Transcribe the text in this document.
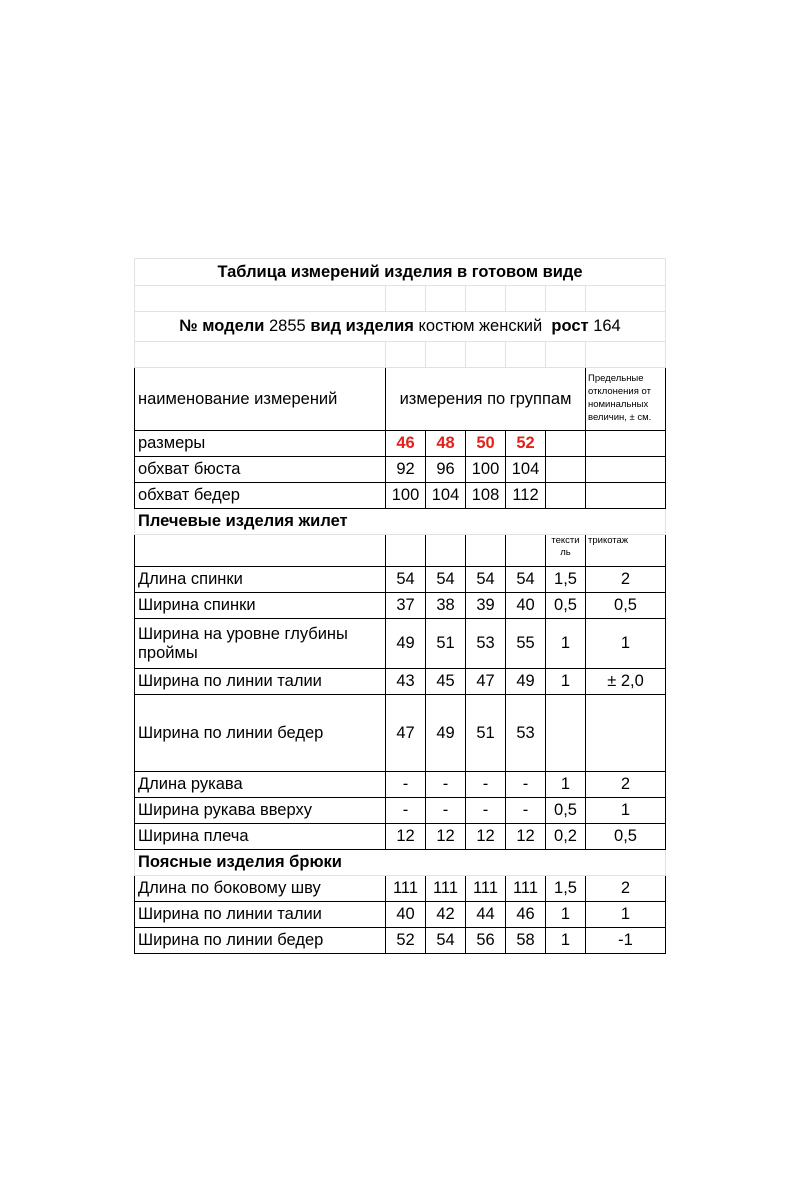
Таблица измерений изделия в готовом виде						

№ модели 2855 вид изделия костюм женский рост 164						

наименование измерений	измерения по группам					Предельные отклонения от номинальных величин, ± см.
размеры	46	48	50	52		
обхват бюста	92	96	100	104		
обхват бедер	100	104	108	112		
Плечевые изделия жилет						
					тексти ль	трикотаж
Длина спинки	54	54	54	54	1,5	2
Ширина спинки	37	38	39	40	0,5	0,5
Ширина на уровне глубины проймы	49	51	53	55	1	1
Ширина по линии талии	43	45	47	49	1	± 2,0
Ширина по линии бедер	47	49	51	53		
Длина рукава	-	-	-	-	1	2
Ширина рукава вверху	-	-	-	-	0,5	1
Ширина плеча	12	12	12	12	0,2	0,5
Поясные изделия брюки						
Длина по боковому шву	111	111	111	111	1,5	2
Ширина по линии талии	40	42	44	46	1	1
Ширина по линии бедер	52	54	56	58	1	-1
